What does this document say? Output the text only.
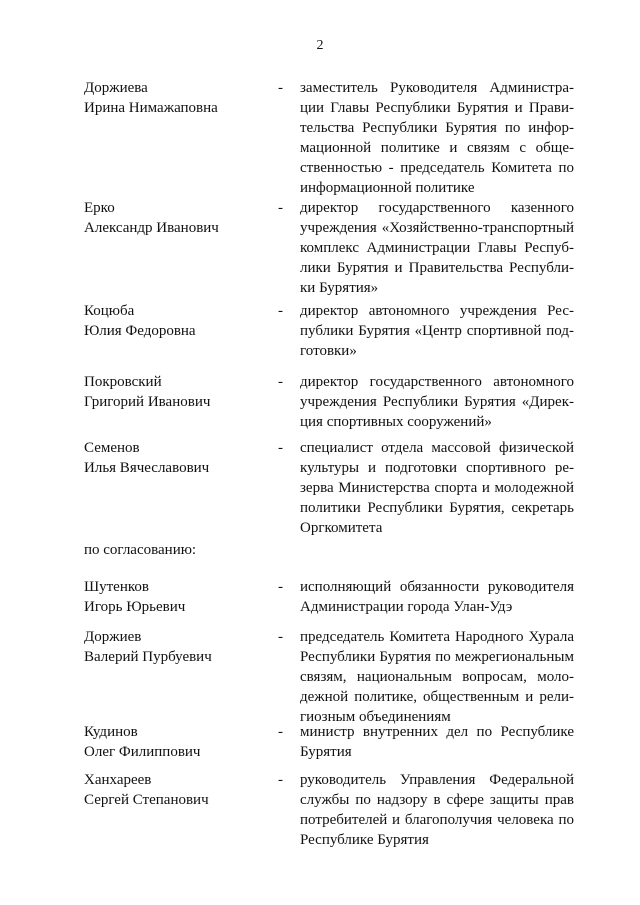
2
Доржиева
Ирина Нимажаповна
-	заместитель Руководителя Администра-
ции Главы Республики Бурятия и Прави-
тельства Республики Бурятия по инфор-
мационной политике и связям с обще-
ственностью - председатель Комитета по
информационной политике
Ерко
Александр Иванович
-	директор государственного казенного
учреждения «Хозяйственно-транспортный
комплекс Администрации Главы Респуб-
лики Бурятия и Правительства Республи-
ки Бурятия»
Коцюба
Юлия Федоровна
-	директор автономного учреждения Рес-
публики Бурятия «Центр спортивной под-
готовки»
Покровский
Григорий Иванович
-	директор государственного автономного
учреждения Республики Бурятия «Дирек-
ция спортивных сооружений»
Семенов
Илья Вячеславович
-	специалист отдела массовой физической
культуры и подготовки спортивного ре-
зерва Министерства спорта и молодежной
политики Республики Бурятия, секретарь
Оргкомитета
по согласованию:
Шутенков
Игорь Юрьевич
-	исполняющий обязанности руководителя
Администрации города Улан-Удэ
Доржиев
Валерий Пурбуевич
-	председатель Комитета Народного Хурала
Республики Бурятия по межрегиональным
связям, национальным вопросам, моло-
дежной политике, общественным и рели-
гиозным объединениям
Кудинов
Олег Филиппович
-	министр внутренних дел по Республике
Бурятия
Ханхареев
Сергей Степанович
-	руководитель Управления Федеральной
службы по надзору в сфере защиты прав
потребителей и благополучия человека по
Республике Бурятия
